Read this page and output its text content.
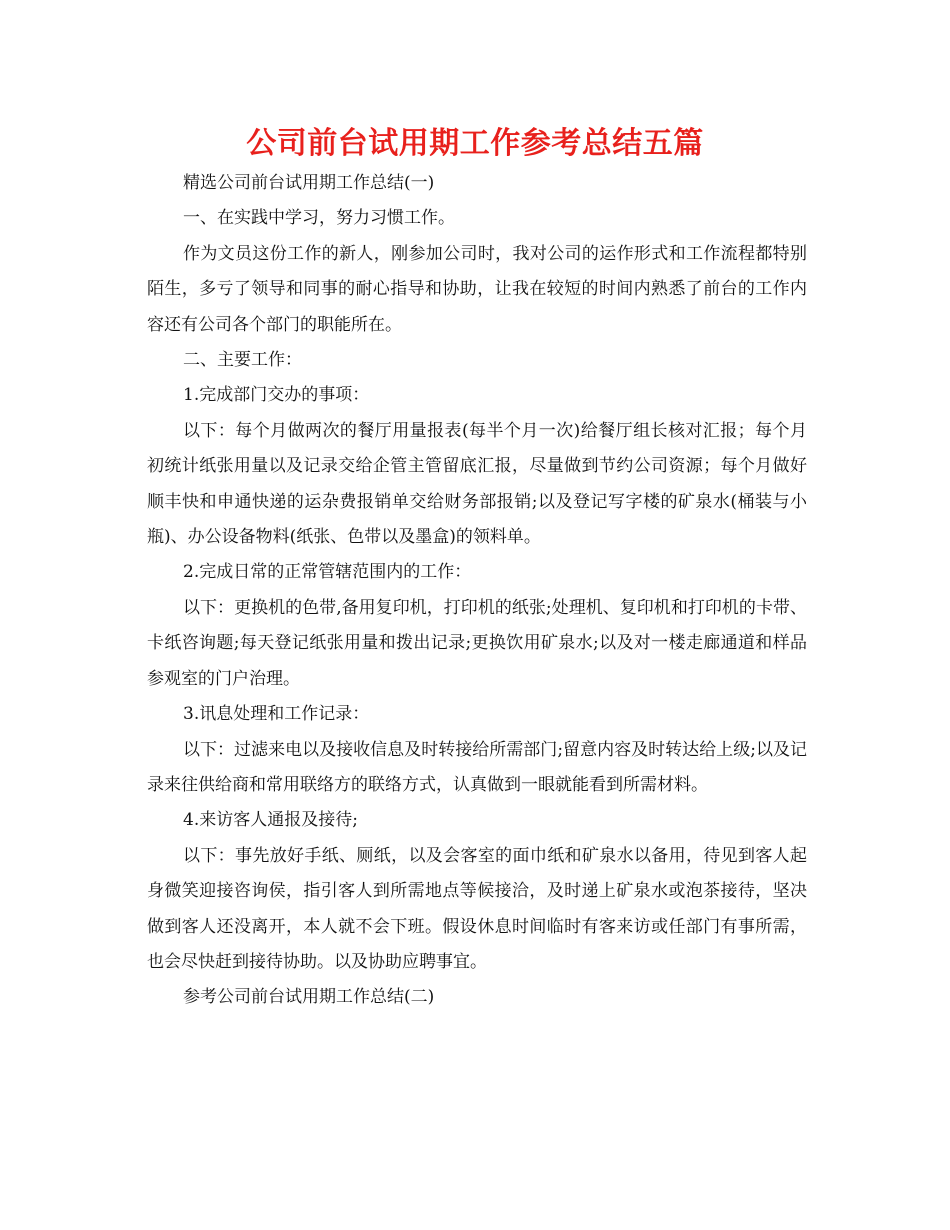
公司前台试用期工作参考总结五篇

精选公司前台试用期工作总结(一)

一、在实践中学习，努力习惯工作。

作为文员这份工作的新人，刚参加公司时，我对公司的运作形式和工作流程都特别陌生，多亏了领导和同事的耐心指导和协助，让我在较短的时间内熟悉了前台的工作内容还有公司各个部门的职能所在。

二、主要工作：

1.完成部门交办的事项：

以下：每个月做两次的餐厅用量报表(每半个月一次)给餐厅组长核对汇报；每个月初统计纸张用量以及记录交给企管主管留底汇报，尽量做到节约公司资源；每个月做好顺丰快和申通快递的运杂费报销单交给财务部报销;以及登记写字楼的矿泉水(桶装与小瓶)、办公设备物料(纸张、色带以及墨盒)的领料单。

2.完成日常的正常管辖范围内的工作：

以下：更换机的色带,备用复印机，打印机的纸张;处理机、复印机和打印机的卡带、卡纸咨询题;每天登记纸张用量和拨出记录;更换饮用矿泉水;以及对一楼走廊通道和样品参观室的门户治理。

3.讯息处理和工作记录：

以下：过滤来电以及接收信息及时转接给所需部门;留意内容及时转达给上级;以及记录来往供给商和常用联络方的联络方式，认真做到一眼就能看到所需材料。

4.来访客人通报及接待;

以下：事先放好手纸、厕纸，以及会客室的面巾纸和矿泉水以备用，待见到客人起身微笑迎接咨询侯，指引客人到所需地点等候接洽，及时递上矿泉水或泡茶接待，坚决做到客人还没离开，本人就不会下班。假设休息时间临时有客来访或任部门有事所需，也会尽快赶到接待协助。以及协助应聘事宜。

参考公司前台试用期工作总结(二)
